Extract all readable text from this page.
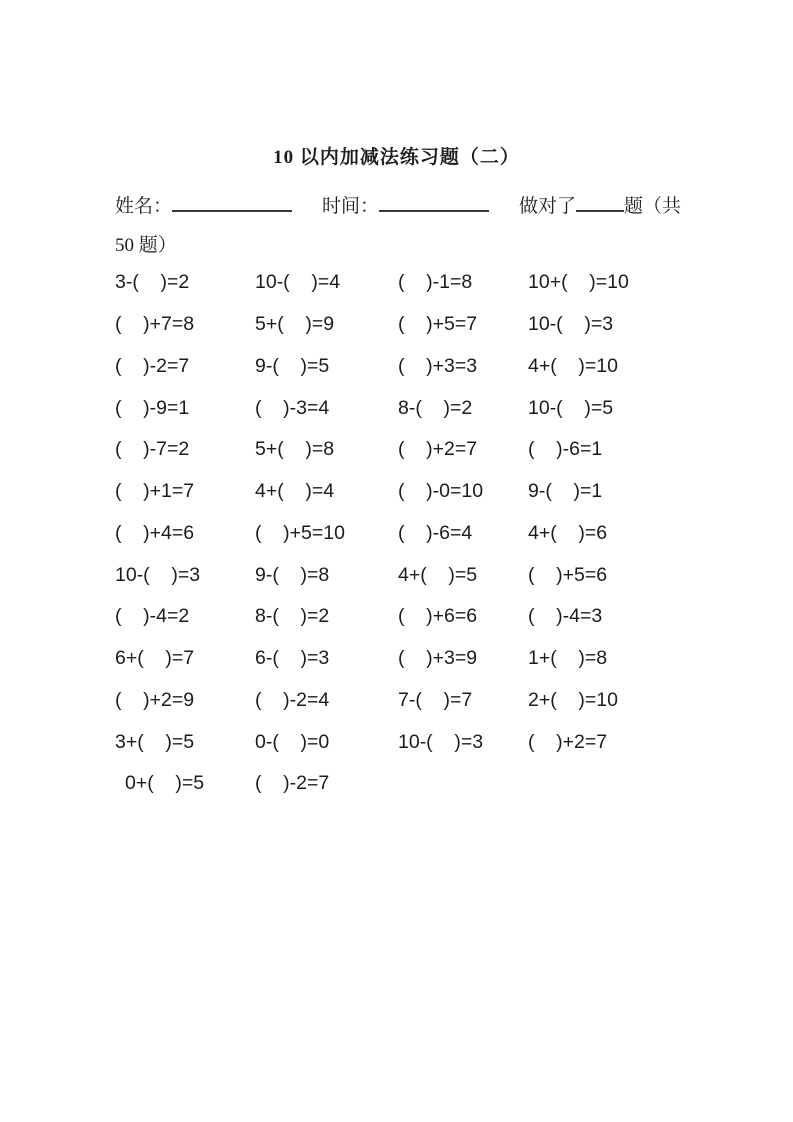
10 以内加减法练习题（二）
姓名：	时间：	做对了	题（共
50 题）
3-(    )=2	10-(    )=4	(    )-1=8	10+(    )=10
(    )+7=8	5+(    )=9	(    )+5=7	10-(    )=3
(    )-2=7	9-(    )=5	(    )+3=3	4+(    )=10
(    )-9=1	(    )-3=4	8-(    )=2	10-(    )=5
(    )-7=2	5+(    )=8	(    )+2=7	(    )-6=1
(    )+1=7	4+(    )=4	(    )-0=10	9-(    )=1
(    )+4=6	(    )+5=10	(    )-6=4	4+(    )=6
10-(    )=3	9-(    )=8	4+(    )=5	(    )+5=6
(    )-4=2	8-(    )=2	(    )+6=6	(    )-4=3
6+(    )=7	6-(    )=3	(    )+3=9	1+(    )=8
(    )+2=9	(    )-2=4	7-(    )=7	2+(    )=10
3+(    )=5	0-(    )=0	10-(    )=3	(    )+2=7
0+(    )=5	(    )-2=7
